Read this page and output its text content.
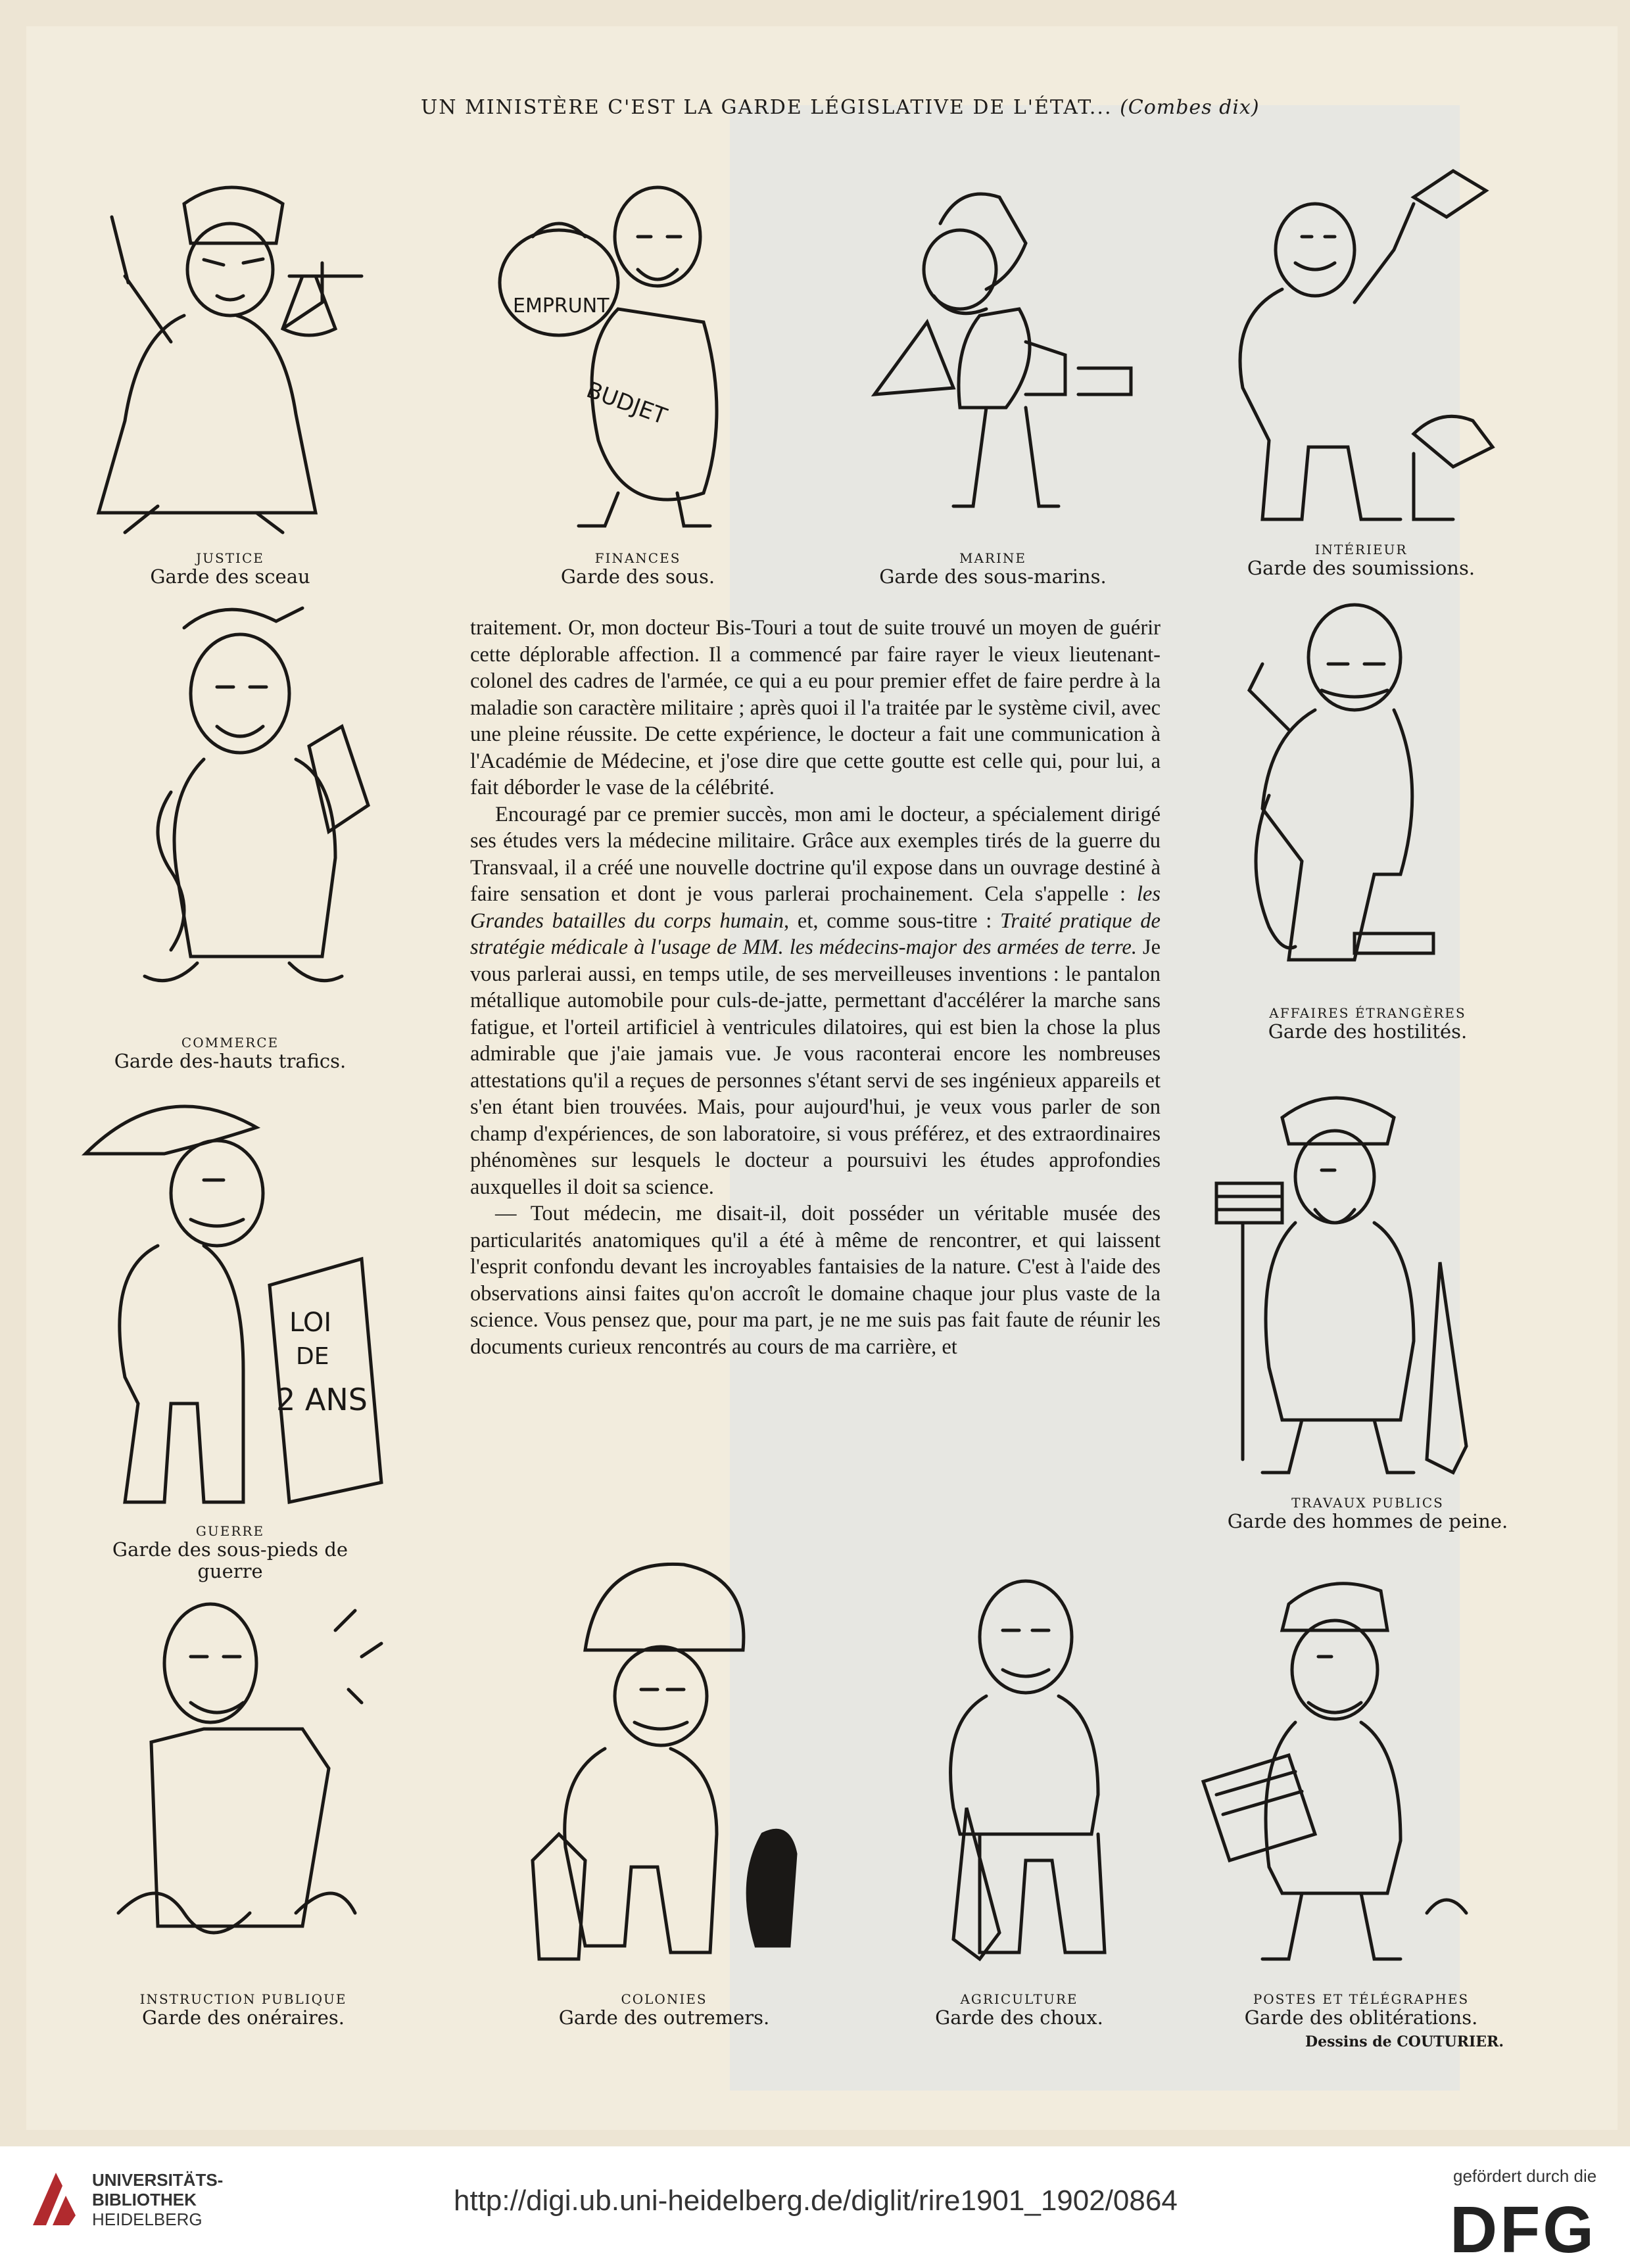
UN MINISTÈRE C'EST LA GARDE LÉGISLATIVE DE L'ÉTAT... (Combes dix)
JUSTICE
Garde des sceau
EMPRUNT
BUDJET
FINANCES
Garde des sous.
MARINE
Garde des sous-marins.
INTÉRIEUR
Garde des soumissions.
COMMERCE
Garde des-hauts trafics.
AFFAIRES ÉTRANGÈRES
Garde des hostilités.
LOI
DE
2 ANS
GUERRE
Garde des sous-pieds de guerre
TRAVAUX PUBLICS
Garde des hommes de peine.
INSTRUCTION PUBLIQUE
Garde des onéraires.
COLONIES
Garde des outremers.
AGRICULTURE
Garde des choux.
POSTES ET TÉLÉGRAPHES
Garde des oblitérations.
Dessins de COUTURIER.

traitement. Or, mon docteur Bis-Touri a tout de suite trouvé un moyen de guérir cette déplorable affection. Il a commencé par faire rayer le vieux lieutenant-colonel des cadres de l'armée, ce qui a eu pour premier effet de faire perdre à la maladie son caractère militaire ; après quoi il l'a traitée par le système civil, avec une pleine réussite. De cette expérience, le docteur a fait une communication à l'Académie de Médecine, et j'ose dire que cette goutte est celle qui, pour lui, a fait déborder le vase de la célébrité.

Encouragé par ce premier succès, mon ami le docteur, a spécialement dirigé ses études vers la médecine militaire. Grâce aux exemples tirés de la guerre du Transvaal, il a créé une nouvelle doctrine qu'il expose dans un ouvrage destiné à faire sensation et dont je vous parlerai prochainement. Cela s'appelle : les Grandes batailles du corps humain, et, comme sous-titre : Traité pratique de stratégie médicale à l'usage de MM. les médecins-major des armées de terre. Je vous parlerai aussi, en temps utile, de ses merveilleuses inventions : le pantalon métallique automobile pour culs-de-jatte, permettant d'accélérer la marche sans fatigue, et l'orteil artificiel à ventricules dilatoires, qui est bien la chose la plus admirable que j'aie jamais vue. Je vous raconterai encore les nombreuses attestations qu'il a reçues de personnes s'étant servi de ses ingénieux appareils et s'en étant bien trouvées. Mais, pour aujourd'hui, je veux vous parler de son champ d'expériences, de son laboratoire, si vous préférez, et des extraordinaires phénomènes sur lesquels le docteur a poursuivi les études approfondies auxquelles il doit sa science.

— Tout médecin, me disait-il, doit posséder un véritable musée des particularités anatomiques qu'il a été à même de rencontrer, et qui laissent l'esprit confondu devant les incroyables fantaisies de la nature. C'est à l'aide des observations ainsi faites qu'on accroît le domaine chaque jour plus vaste de la science. Vous pensez que, pour ma part, je ne me suis pas fait faute de réunir les documents curieux rencontrés au cours de ma carrière, et

UNIVERSITÄTS-
BIBLIOTHEK
HEIDELBERG
http://digi.ub.uni-heidelberg.de/diglit/rire1901_1902/0864
gefördert durch die
DFG
